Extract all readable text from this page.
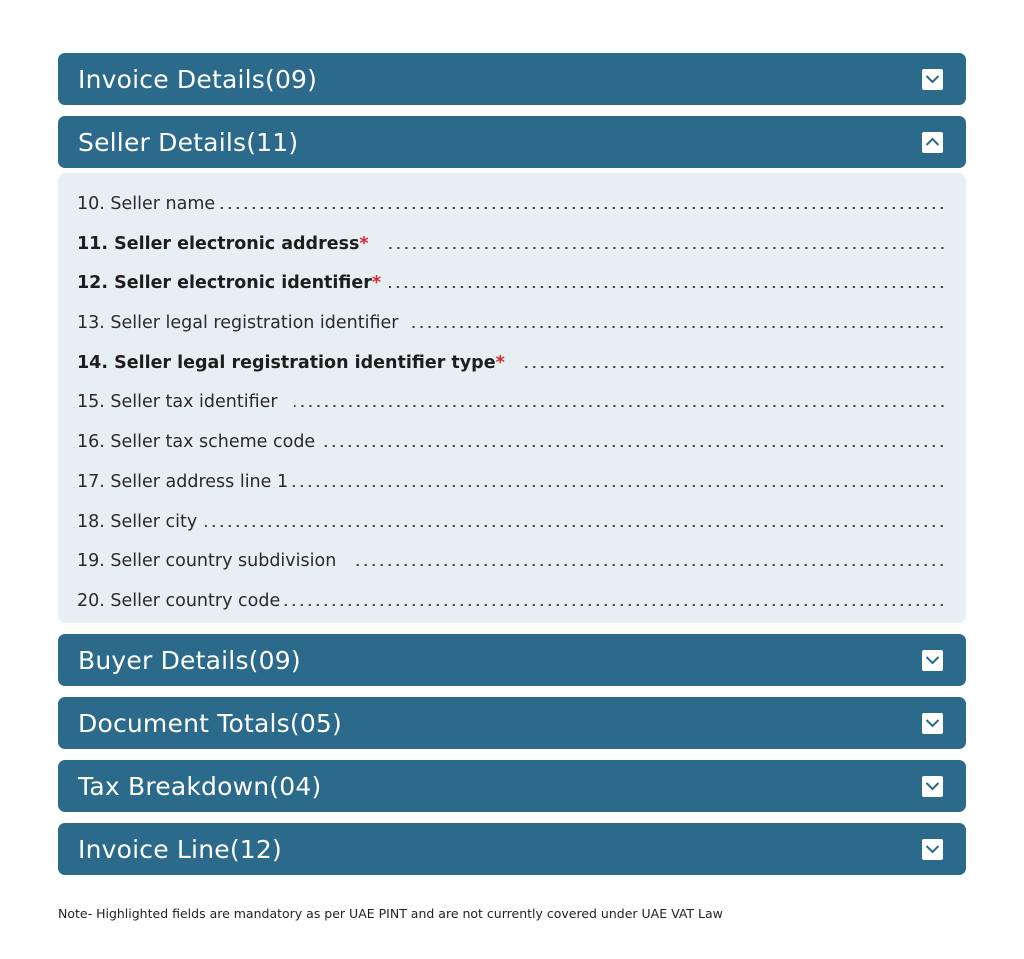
Invoice Details(09)
Seller Details(11)
10. Seller name
11. Seller electronic address*
12. Seller electronic identifier*
13. Seller legal registration identifier
14. Seller legal registration identifier type*
15. Seller tax identifier
16. Seller tax scheme code
17. Seller address line 1
18. Seller city
19. Seller country subdivision
20. Seller country code
Buyer Details(09)
Document Totals(05)
Tax Breakdown(04)
Invoice Line(12)
Note- Highlighted fields are mandatory as per UAE PINT and are not currently covered under UAE VAT Law
